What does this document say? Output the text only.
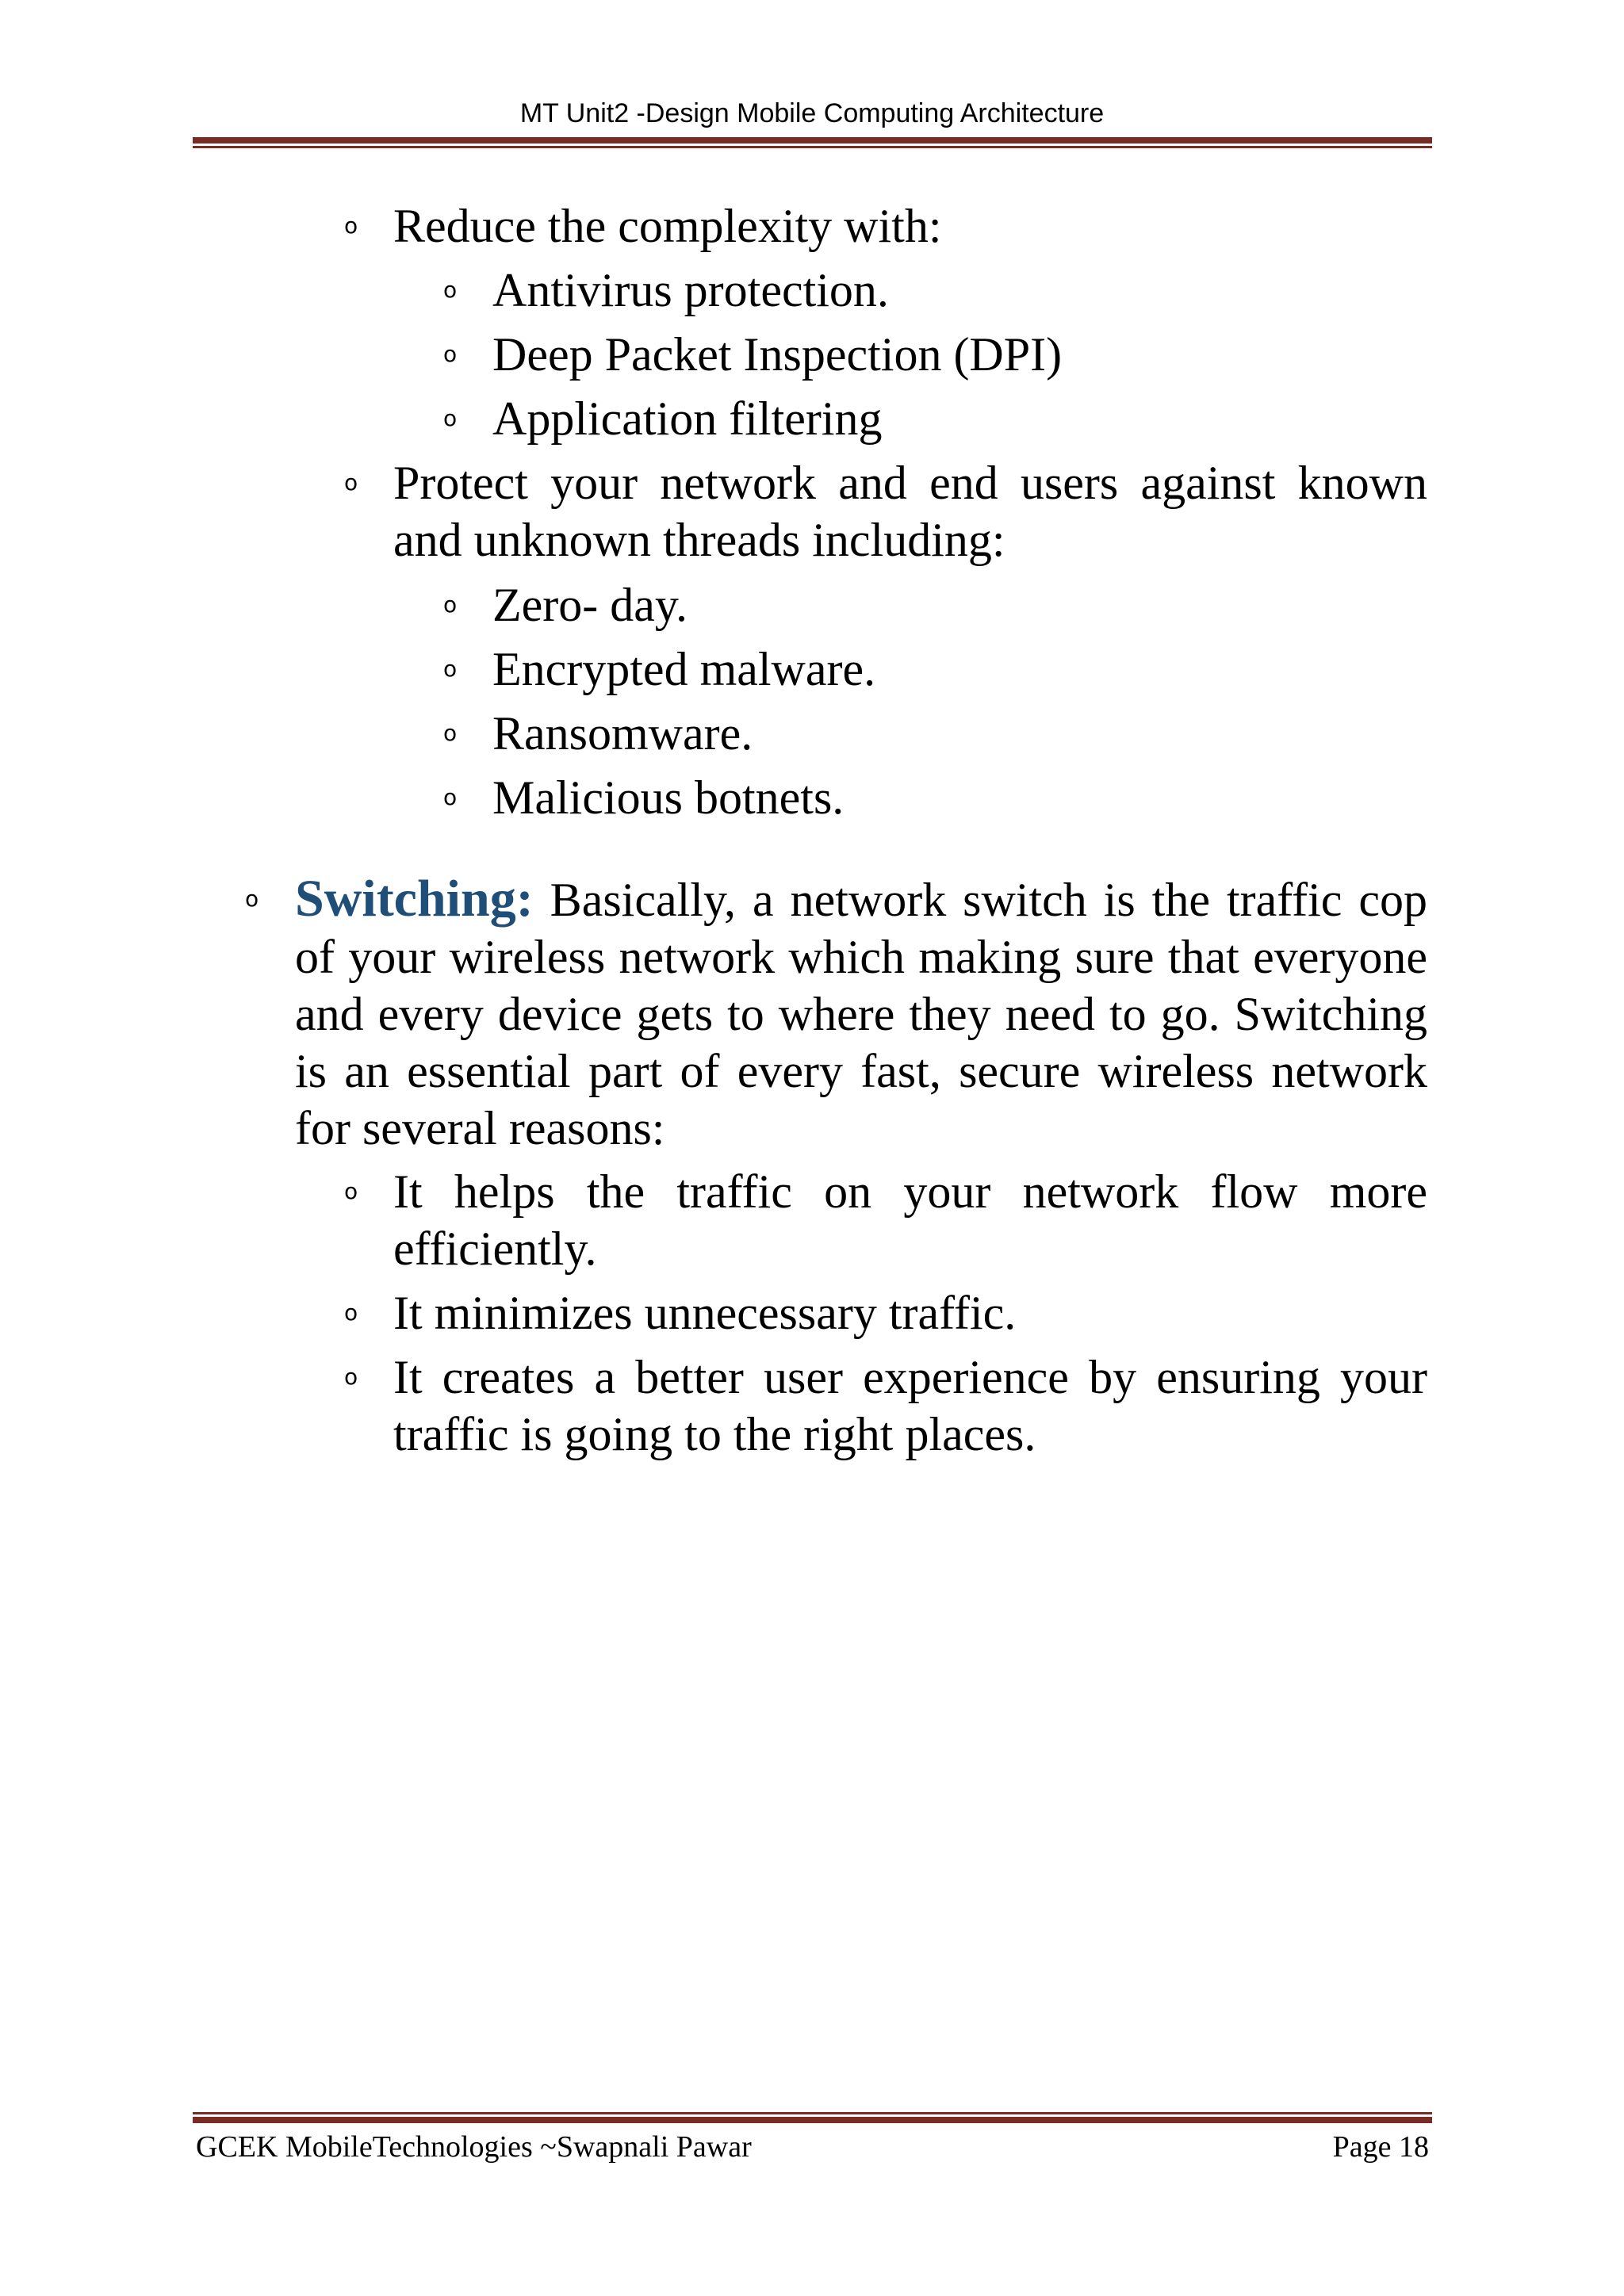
MT Unit2 -Design Mobile Computing Architecture
o Reduce the complexity with:
o Antivirus protection.
o Deep Packet Inspection (DPI)
o Application filtering
o Protect your network and end users against known and unknown threads including:
o Zero- day.
o Encrypted malware.
o Ransomware.
o Malicious botnets.
o Switching: Basically, a network switch is the traffic cop of your wireless network which making sure that everyone and every device gets to where they need to go. Switching is an essential part of every fast, secure wireless network for several reasons:
o It helps the traffic on your network flow more efficiently.
o It minimizes unnecessary traffic.
o It creates a better user experience by ensuring your traffic is going to the right places.
GCEK MobileTechnologies ~Swapnali Pawar	Page 18
